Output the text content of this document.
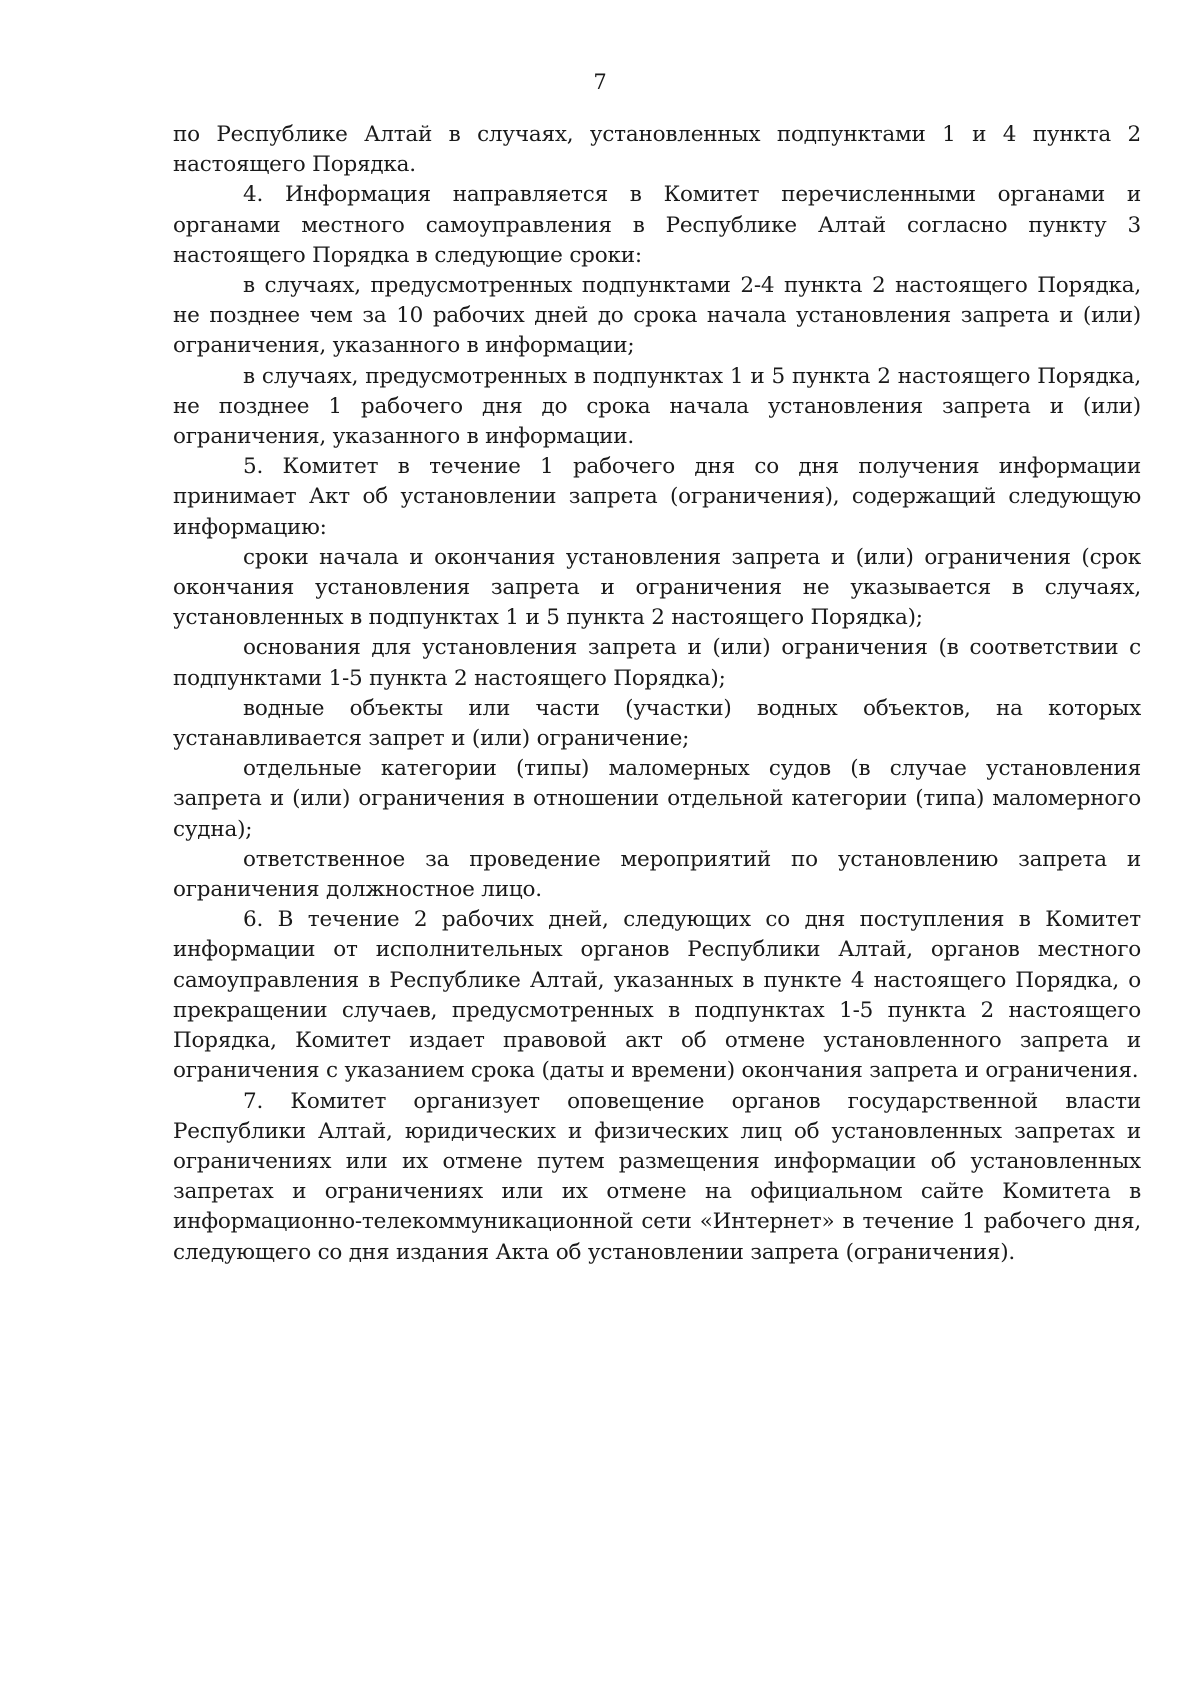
7

по Республике Алтай в случаях, установленных подпунктами 1 и 4 пункта 2 настоящего Порядка.

4. Информация направляется в Комитет перечисленными органами и органами местного самоуправления в Республике Алтай согласно пункту 3 настоящего Порядка в следующие сроки:

в случаях, предусмотренных подпунктами 2-4 пункта 2 настоящего Порядка, не позднее чем за 10 рабочих дней до срока начала установления запрета и (или) ограничения, указанного в информации;

в случаях, предусмотренных в подпунктах 1 и 5 пункта 2 настоящего Порядка, не позднее 1 рабочего дня до срока начала установления запрета и (или) ограничения, указанного в информации.

5. Комитет в течение 1 рабочего дня со дня получения информации принимает Акт об установлении запрета (ограничения), содержащий следующую информацию:

сроки начала и окончания установления запрета и (или) ограничения (срок окончания установления запрета и ограничения не указывается в случаях, установленных в подпунктах 1 и 5 пункта 2 настоящего Порядка);

основания для установления запрета и (или) ограничения (в соответствии с подпунктами 1-5 пункта 2 настоящего Порядка);

водные объекты или части (участки) водных объектов, на которых устанавливается запрет и (или) ограничение;

отдельные категории (типы) маломерных судов (в случае установления запрета и (или) ограничения в отношении отдельной категории (типа) маломерного судна);

ответственное за проведение мероприятий по установлению запрета и ограничения должностное лицо.

6. В течение 2 рабочих дней, следующих со дня поступления в Комитет информации от исполнительных органов Республики Алтай, органов местного самоуправления в Республике Алтай, указанных в пункте 4 настоящего Порядка, о прекращении случаев, предусмотренных в подпунктах 1-5 пункта 2 настоящего Порядка, Комитет издает правовой акт об отмене установленного запрета и ограничения с указанием срока (даты и времени) окончания запрета и ограничения.

7. Комитет организует оповещение органов государственной власти Республики Алтай, юридических и физических лиц об установленных запретах и ограничениях или их отмене путем размещения информации об установленных запретах и ограничениях или их отмене на официальном сайте Комитета в информационно-телекоммуникационной сети «Интернет» в течение 1 рабочего дня, следующего со дня издания Акта об установлении запрета (ограничения).
